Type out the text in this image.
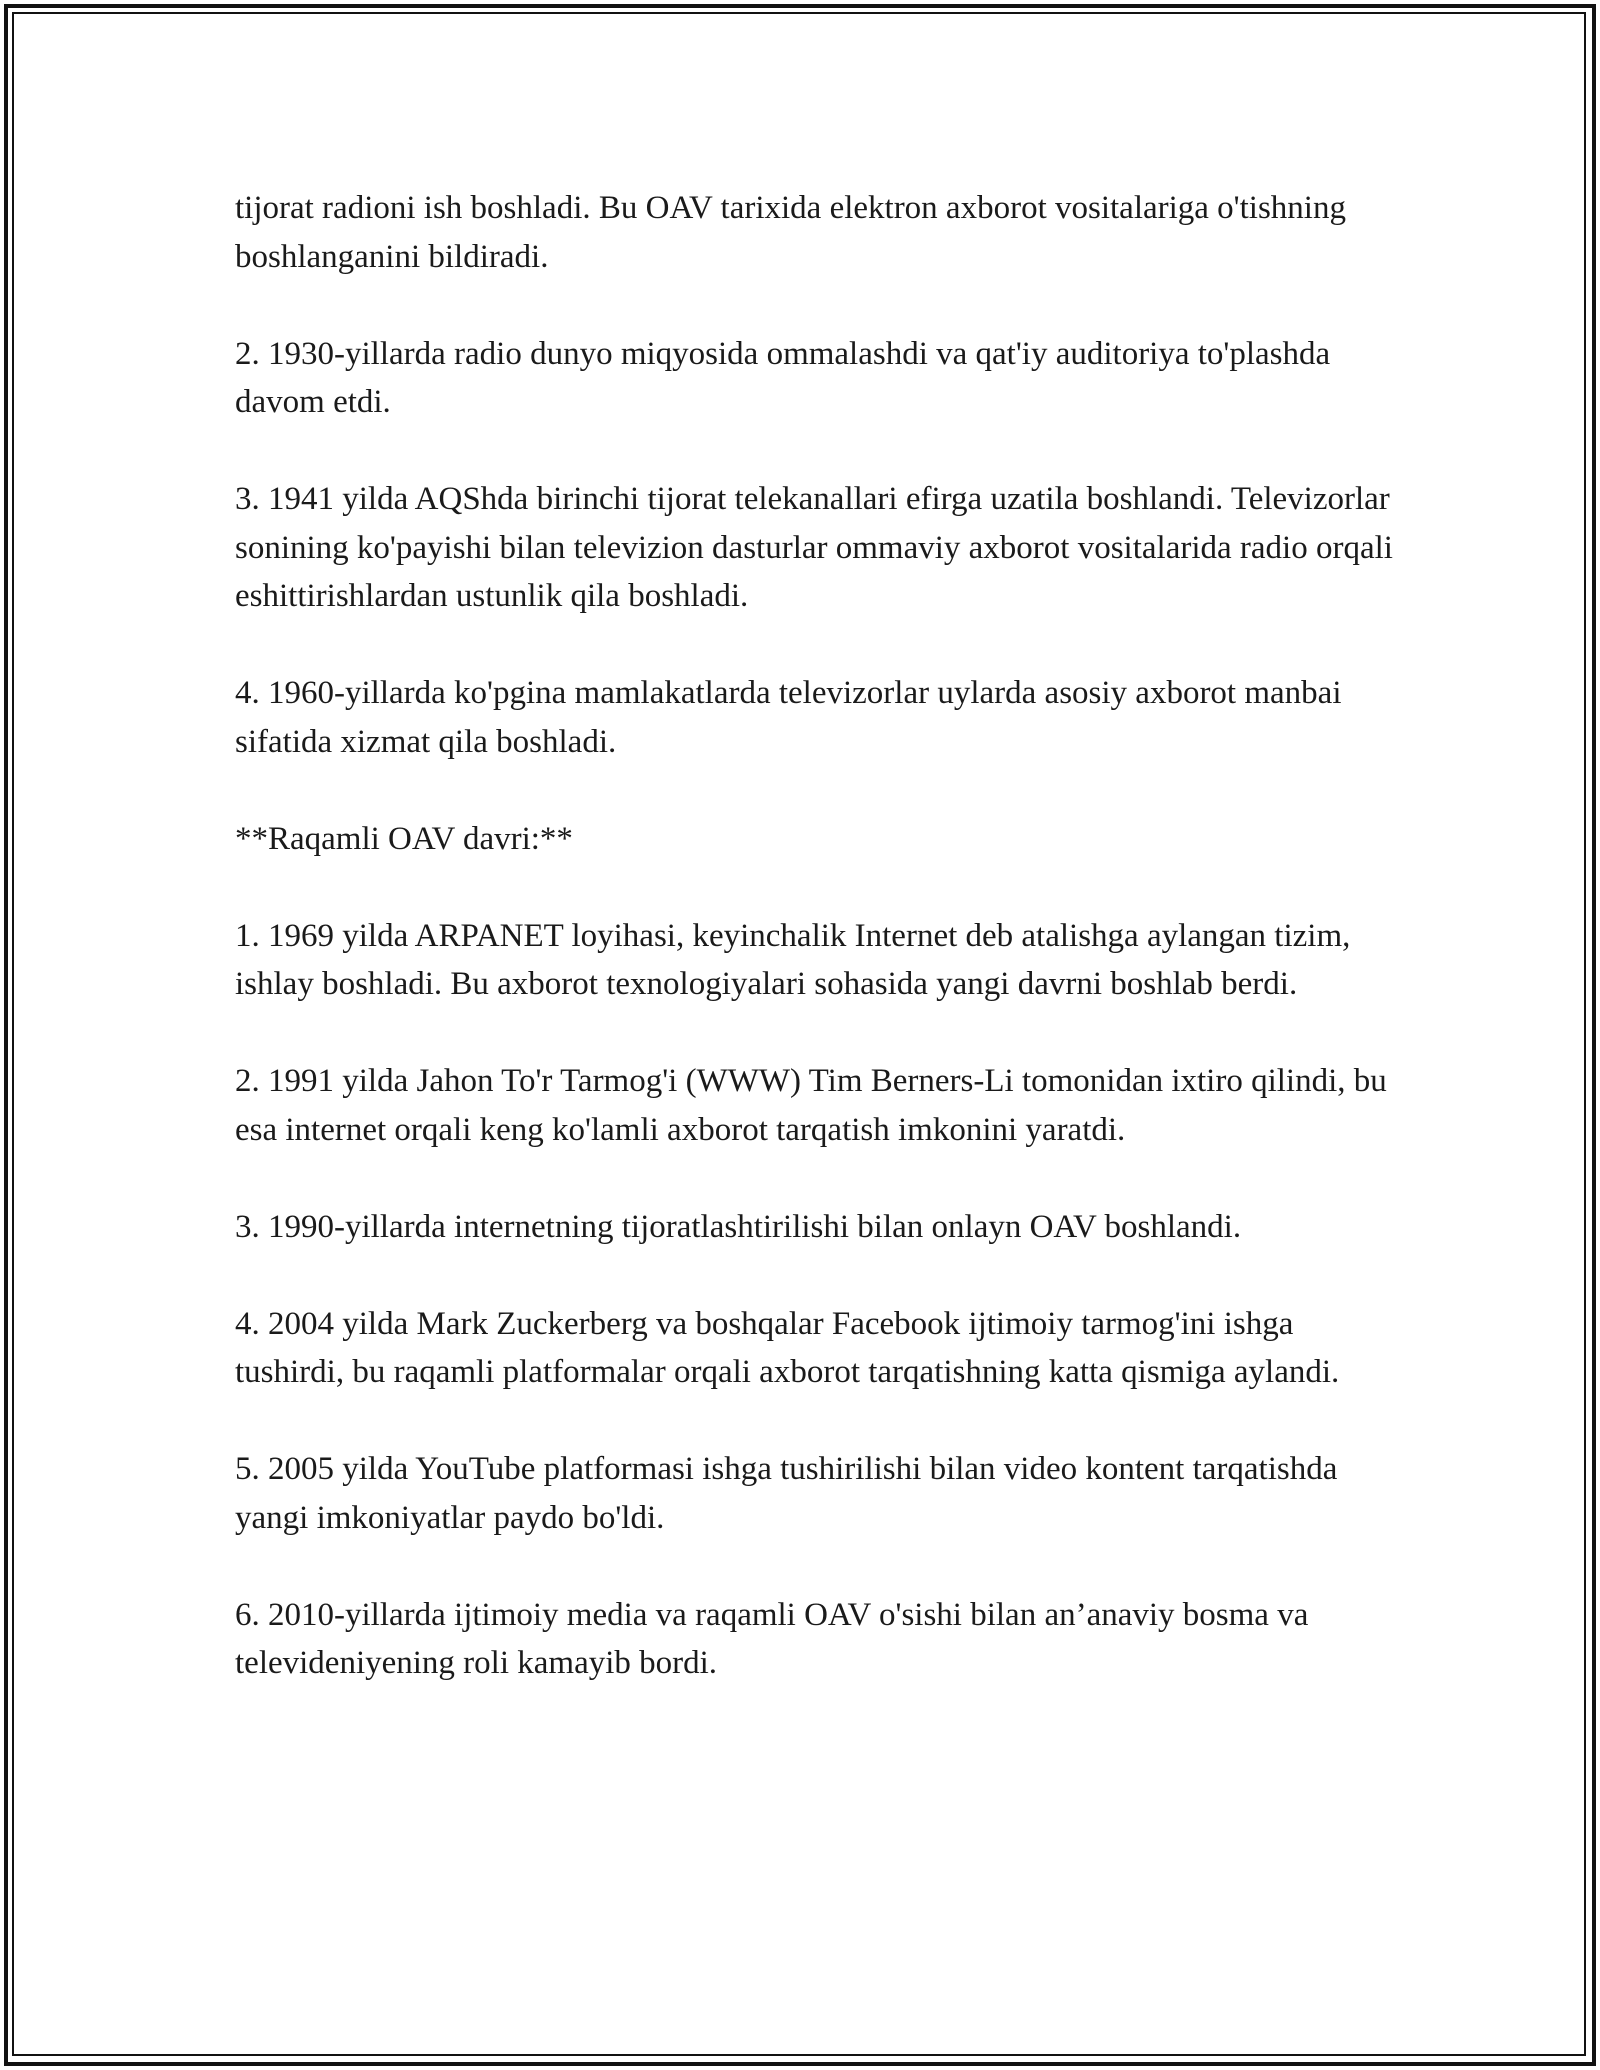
tijorat radioni ish boshladi. Bu OAV tarixida elektron axborot vositalariga o'tishning boshlanganini bildiradi.

2. 1930-yillarda radio dunyo miqyosida ommalashdi va qat'iy auditoriya to'plashda davom etdi.

3. 1941 yilda AQShda birinchi tijorat telekanallari efirga uzatila boshlandi. Televizorlar sonining ko'payishi bilan televizion dasturlar ommaviy axborot vositalarida radio orqali eshittirishlardan ustunlik qila boshladi.

4. 1960-yillarda ko'pgina mamlakatlarda televizorlar uylarda asosiy axborot manbai sifatida xizmat qila boshladi.

**Raqamli OAV davri:**

1. 1969 yilda ARPANET loyihasi, keyinchalik Internet deb atalishga aylangan tizim, ishlay boshladi. Bu axborot texnologiyalari sohasida yangi davrni boshlab berdi.

2. 1991 yilda Jahon To'r Tarmog'i (WWW) Tim Berners-Li tomonidan ixtiro qilindi, bu esa internet orqali keng ko'lamli axborot tarqatish imkonini yaratdi.

3. 1990-yillarda internetning tijoratlashtirilishi bilan onlayn OAV boshlandi.

4. 2004 yilda Mark Zuckerberg va boshqalar Facebook ijtimoiy tarmog'ini ishga tushirdi, bu raqamli platformalar orqali axborot tarqatishning katta qismiga aylandi.

5. 2005 yilda YouTube platformasi ishga tushirilishi bilan video kontent tarqatishda yangi imkoniyatlar paydo bo'ldi.

6. 2010-yillarda ijtimoiy media va raqamli OAV o'sishi bilan an’anaviy bosma va televideniyening roli kamayib bordi.
